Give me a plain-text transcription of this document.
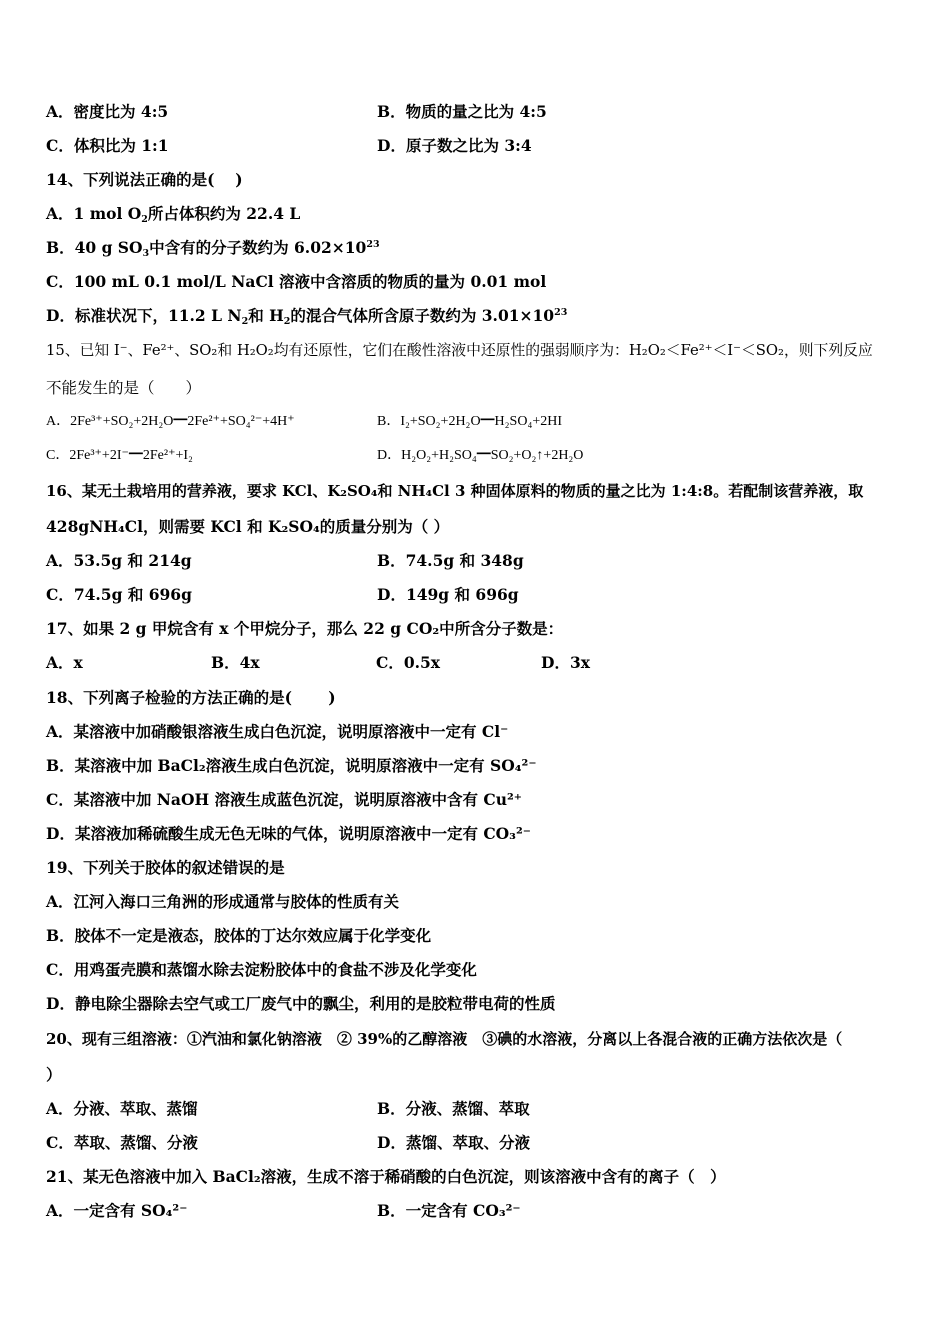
A．密度比为 4:5	B．物质的量之比为 4:5
C．体积比为 1:1	D．原子数之比为 3:4
14、下列说法正确的是(　 )
A．1 mol $O_2$所占体积约为 22.4 L
B．40 g $SO_3$中含有的分子数约为 $6.02\times 10^{23}$
C．100 mL 0.1 mol/L NaCl 溶液中含溶质的物质的量为 0.01 mol
D．标准状况下，11.2 L $N_2$和 $H_2$的混合气体所含原子数约为 $3.01\times 10^{23}$
15、已知 I⁻、Fe²⁺、SO₂和 H₂O₂均有还原性，它们在酸性溶液中还原性的强弱顺序为：H₂O₂＜Fe²⁺＜I⁻＜SO₂，则下列反应
不能发生的是（　　）
A．2Fe³⁺+SO₂+2H₂O━2Fe²⁺+SO₄²⁻+4H⁺	B．I₂+SO₂+2H₂O━H₂SO₄+2HI
C．2Fe³⁺+2I⁻━2Fe²⁺+I₂	D．H₂O₂+H₂SO₄━SO₂+O₂↑+2H₂O
16、某无土栽培用的营养液，要求 KCl、K₂SO₄和 NH₄Cl 3 种固体原料的物质的量之比为 1:4:8。若配制该营养液，取
428gNH₄Cl，则需要 KCl 和 K₂SO₄的质量分别为（ ）
A．53.5g 和 214g	B．74.5g 和 348g
C．74.5g 和 696g	D．149g 和 696g
17、如果 2 g 甲烷含有 x 个甲烷分子，那么 22 g CO₂中所含分子数是：
A．x	B．4x	C．0.5x	D．3x
18、下列离子检验的方法正确的是(　　 )
A．某溶液中加硝酸银溶液生成白色沉淀，说明原溶液中一定有 Cl⁻
B．某溶液中加 BaCl₂溶液生成白色沉淀，说明原溶液中一定有 SO₄²⁻
C．某溶液中加 NaOH 溶液生成蓝色沉淀，说明原溶液中含有 Cu²⁺
D．某溶液加稀硫酸生成无色无味的气体，说明原溶液中一定有 CO₃²⁻
19、下列关于胶体的叙述错误的是
A．江河入海口三角洲的形成通常与胶体的性质有关
B．胶体不一定是液态，胶体的丁达尔效应属于化学变化
C．用鸡蛋壳膜和蒸馏水除去淀粉胶体中的食盐不涉及化学变化
D．静电除尘器除去空气或工厂废气中的飘尘，利用的是胶粒带电荷的性质
20、现有三组溶液：①汽油和氯化钠溶液　② 39%的乙醇溶液　③碘的水溶液，分离以上各混合液的正确方法依次是（
）
A．分液、萃取、蒸馏	B．分液、蒸馏、萃取
C．萃取、蒸馏、分液	D．蒸馏、萃取、分液
21、某无色溶液中加入 BaCl₂溶液，生成不溶于稀硝酸的白色沉淀，则该溶液中含有的离子（　）
A．一定含有 SO₄²⁻	B．一定含有 CO₃²⁻
